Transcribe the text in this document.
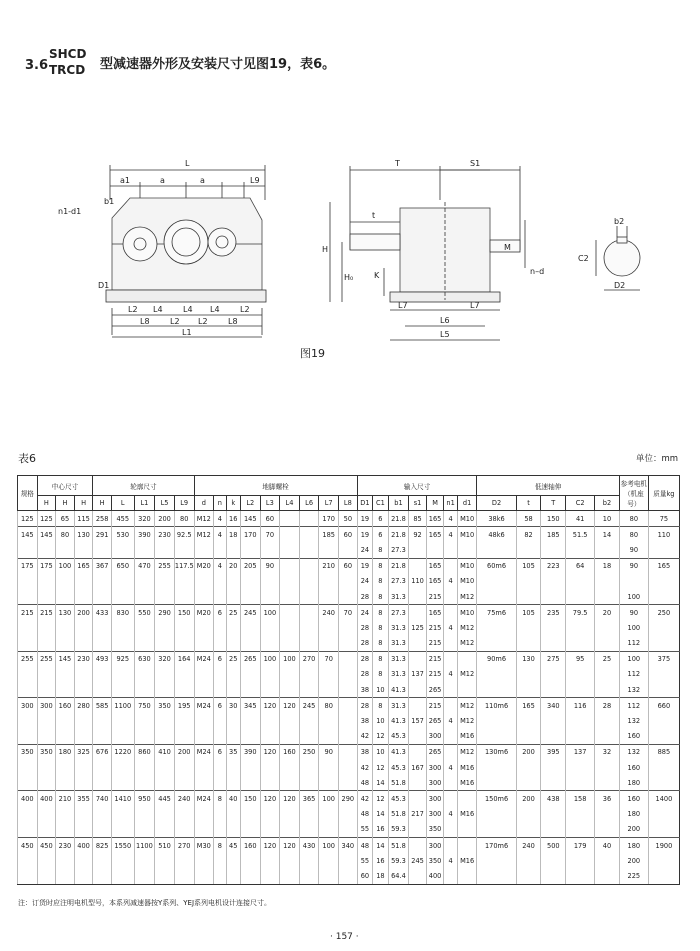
3.6
SHCD
TRCD 型减速器外形及安装尺寸见图19，表6。
L
a1	a	a	L9
n1-d1
b1
D1
L2 L4	L4 L4	L2
L8	L2 L2	L8
L1
T	S1
t
H
H₀	K
M
n–d
L7	L7
L6
L5
b2
C2
D2
图19
表6	单位：mm
规格	中心尺寸			轮廓尺寸					地脚螺栓									输入尺寸							低速轴伸					参考电机（机座号）	质量kg
	H	H	H	H	L	L1	L5	L9	d	n	k	L2	L3	L4	L6	L7	L8	D1	C1	b1	s1	M	n1	d1	D2	t	T	C2	b2		
125	125	65	115	258	455	320	200	80	M12	4	16	145	60			170	50	19	6	21.8	85	165	4	M10	38k6	58	150	41	10	80	75
145	145	80	130	291	530	390	230	92.5	M12	4	18	170	70			185	60	19	6	21.8	92	165	4	M10	48k6	82	185	51.5	14	80	110
																		24	8	27.3										90	
175	175	100	165	367	650	470	255	117.5	M20	4	20	205	90			210	60	19	8	21.8		165		M10	60m6	105	223	64	18	90	165
																		24	8	27.3	110	165	4	M10							
																		28	8	31.3		215		M12						100	
215	215	130	200	433	830	550	290	150	M20	6	25	245	100			240	70	24	8	27.3		165		M10	75m6	105	235	79.5	20	90	250
																		28	8	31.3	125	215	4	M12						100	
																		28	8	31.3		215		M12						112	
255	255	145	230	493	925	630	320	164	M24	6	25	265	100	100	270	70		28	8	31.3		215			90m6	130	275	95	25	100	375
																		28	8	31.3	137	215	4	M12						112	
																		38	10	41.3		265								132	
300	300	160	280	585	1100	750	350	195	M24	6	30	345	120	120	245	80		28	8	31.3		215		M12	110m6	165	340	116	28	112	660
																		38	10	41.3	157	265	4	M12						132	
																		42	12	45.3		300		M16						160	
350	350	180	325	676	1220	860	410	200	M24	6	35	390	120	160	250	90		38	10	41.3		265		M12	130m6	200	395	137	32	132	885
																		42	12	45.3	167	300	4	M16						160	
																		48	14	51.8		300		M16						180	
400	400	210	355	740	1410	950	445	240	M24	8	40	150	120	120	365	100	290	42	12	45.3		300			150m6	200	438	158	36	160	1400
																		48	14	51.8	217	300	4	M16						180	
																		55	16	59.3		350								200	
450	450	230	400	825	1550	1100	510	270	M30	8	45	160	120	120	430	100	340	48	14	51.8		300			170m6	240	500	179	40	180	1900
																		55	16	59.3	245	350	4	M16						200	
																		60	18	64.4		400								225	
注：订货时应注明电机型号，本系列减速器按Y系列、YEJ系列电机设计连接尺寸。
· 157 ·
